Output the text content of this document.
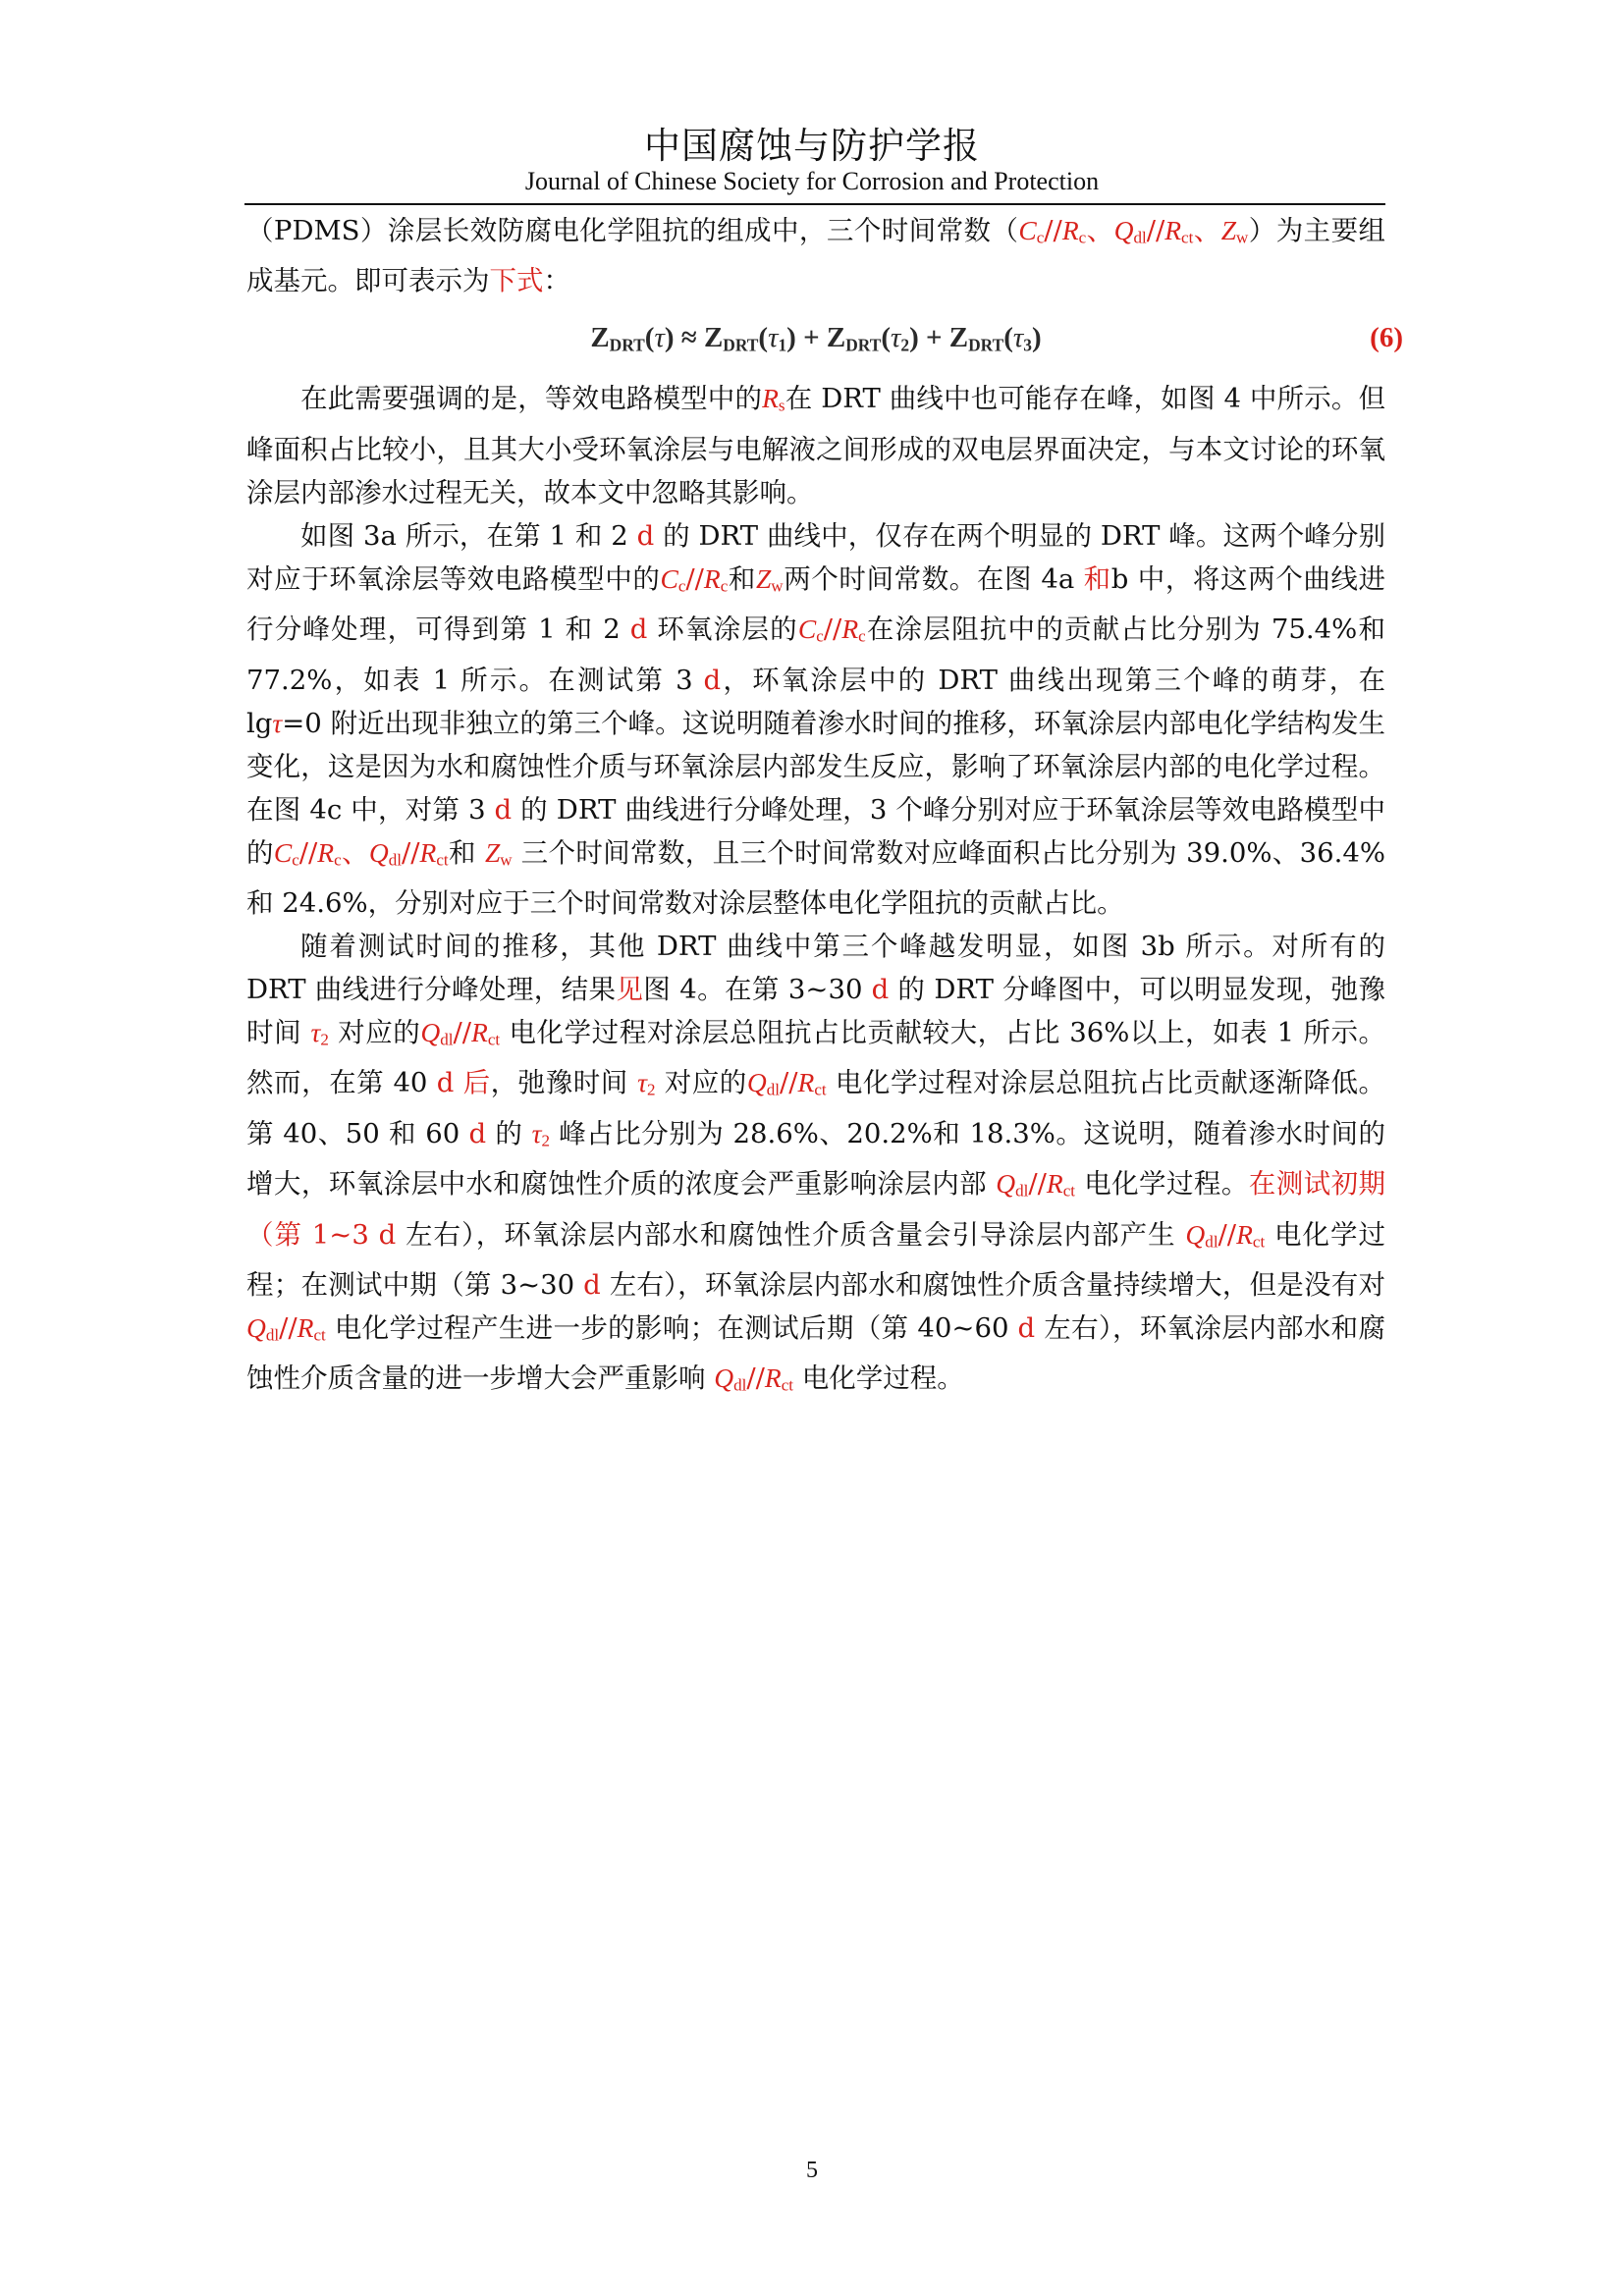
中国腐蚀与防护学报
Journal of Chinese Society for Corrosion and Protection

（PDMS）涂层长效防腐电化学阻抗的组成中，三个时间常数（$C_c//R_c$、$Q_{dl}//R_{ct}$、$Z_w$）为主要组成基元。即可表示为下式：

ZDRT(τ) ≈ ZDRT(τ1) + ZDRT(τ2) + ZDRT(τ3)	(6)

在此需要强调的是，等效电路模型中的$R_s$在 DRT 曲线中也可能存在峰，如图 4 中所示。但峰面积占比较小，且其大小受环氧涂层与电解液之间形成的双电层界面决定，与本文讨论的环氧涂层内部渗水过程无关，故本文中忽略其影响。

如图 3a 所示，在第 1 和 2 d 的 DRT 曲线中，仅存在两个明显的 DRT 峰。这两个峰分别对应于环氧涂层等效电路模型中的$C_c//R_c$和$Z_w$两个时间常数。在图 4a 和b 中，将这两个曲线进行分峰处理，可得到第 1 和 2 d 环氧涂层的$C_c//R_c$在涂层阻抗中的贡献占比分别为 75.4%和 77.2%，如表 1 所示。在测试第 3 d，环氧涂层中的 DRT 曲线出现第三个峰的萌芽，在 lgτ=0 附近出现非独立的第三个峰。这说明随着渗水时间的推移，环氧涂层内部电化学结构发生变化，这是因为水和腐蚀性介质与环氧涂层内部发生反应，影响了环氧涂层内部的电化学过程。在图 4c 中，对第 3 d 的 DRT 曲线进行分峰处理，3 个峰分别对应于环氧涂层等效电路模型中的$C_c//R_c$、$Q_{dl}//R_{ct}$和 $Z_w$ 三个时间常数，且三个时间常数对应峰面积占比分别为 39.0%、36.4%和 24.6%，分别对应于三个时间常数对涂层整体电化学阻抗的贡献占比。

随着测试时间的推移，其他 DRT 曲线中第三个峰越发明显，如图 3b 所示。对所有的 DRT 曲线进行分峰处理，结果见图 4。在第 3~30 d 的 DRT 分峰图中，可以明显发现，弛豫时间 $\tau_2$ 对应的$Q_{dl}//R_{ct}$ 电化学过程对涂层总阻抗占比贡献较大，占比 36%以上，如表 1 所示。然而，在第 40 d 后，弛豫时间 $\tau_2$ 对应的$Q_{dl}//R_{ct}$ 电化学过程对涂层总阻抗占比贡献逐渐降低。第 40、50 和 60 d 的 $\tau_2$ 峰占比分别为 28.6%、20.2%和 18.3%。这说明，随着渗水时间的增大，环氧涂层中水和腐蚀性介质的浓度会严重影响涂层内部 $Q_{dl}//R_{ct}$ 电化学过程。在测试初期（第 1~3 d 左右），环氧涂层内部水和腐蚀性介质含量会引导涂层内部产生 $Q_{dl}//R_{ct}$ 电化学过程；在测试中期（第 3~30 d 左右），环氧涂层内部水和腐蚀性介质含量持续增大，但是没有对 $Q_{dl}//R_{ct}$ 电化学过程产生进一步的影响；在测试后期（第 40~60 d 左右），环氧涂层内部水和腐蚀性介质含量的进一步增大会严重影响 $Q_{dl}//R_{ct}$ 电化学过程。

5
